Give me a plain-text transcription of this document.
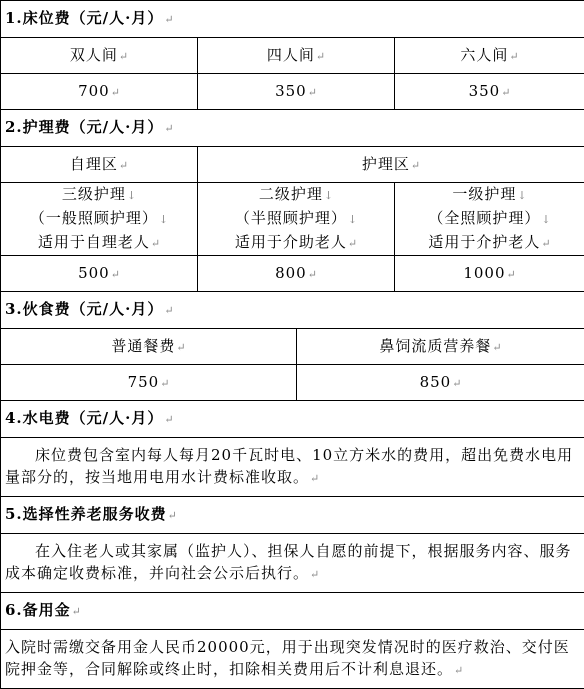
1.床位费（元/人·月）↵			
双人间↵	四人间↵		六人间↵
700↵	350↵		350↵
2.护理费（元/人·月）↵			
自理区↵	护理区↵		

三级护理↓
（一般照顾护理）↓
适用于自理老人↵	二级护理↓
（半照顾护理）↓
适用于介助老人↵		一级护理↓
（全照顾护理）↓
适用于介护老人↵

500↵	800↵		1000↵
3.伙食费（元/人·月）↵			
普通餐费↵		鼻饲流质营养餐↵	
750↵		850↵	
4.水电费（元/人·月）↵			
床位费包含室内每人每月20千瓦时电、10立方米水的费用，超出免费水电用量部分的，按当地用电用水计费标准收取。↵			
5.选择性养老服务收费↵			
在入住老人或其家属（监护人）、担保人自愿的前提下，根据服务内容、服务成本确定收费标准，并向社会公示后执行。↵			
6.备用金↵			
入院时需缴交备用金人民币20000元，用于出现突发情况时的医疗救治、交付医院押金等，合同解除或终止时，扣除相关费用后不计利息退还。↵			
